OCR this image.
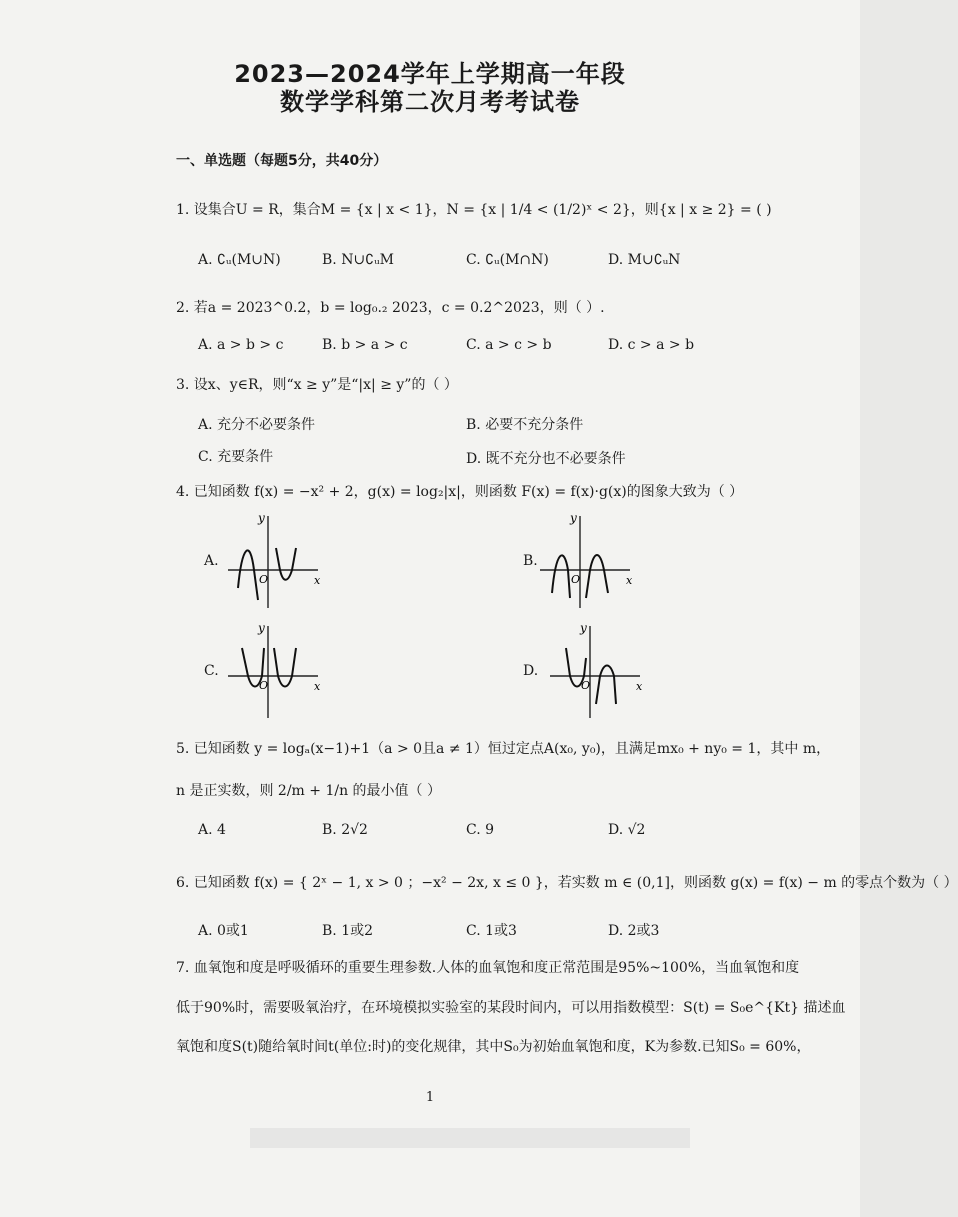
2023—2024学年上学期高一年段
数学学科第二次月考考试卷
一、单选题（每题5分，共40分）
1. 设集合U = R，集合M = {x | x < 1}，N = {x | 1/4 < (1/2)ˣ < 2}，则{x | x ≥ 2} = ( )
A. ∁ᵤ(M∪N)	B. N∪∁ᵤM	C. ∁ᵤ(M∩N)	D. M∪∁ᵤN
2. 若a = 2023^0.2，b = log₀.₂ 2023，c = 0.2^2023，则（ ）.
A. a > b > c	B. b > a > c	C. a > c > b	D. c > a > b
3. 设x、y∈R，则“x ≥ y”是“|x| ≥ y”的（ ）
A. 充分不必要条件	B. 必要不充分条件
C. 充要条件	D. 既不充分也不必要条件
4. 已知函数 f(x) = −x² + 2，g(x) = log₂|x|，则函数 F(x) = f(x)·g(x)的图象大致为（ ）
A.
y
x
O
B.
y
x
O
C.
y
x
O
D.
y
x
O
5. 已知函数 y = logₐ(x−1)+1（a > 0且a ≠ 1）恒过定点A(x₀, y₀)，且满足mx₀ + ny₀ = 1，其中 m，
n 是正实数，则 2/m + 1/n 的最小值（ ）
A. 4	B. 2√2	C. 9	D. √2
6. 已知函数 f(x) = { 2ˣ − 1, x > 0 ；−x² − 2x, x ≤ 0 }，若实数 m ∈ (0,1]，则函数 g(x) = f(x) − m 的零点个数为（ ）
A. 0或1	B. 1或2	C. 1或3	D. 2或3
7. 血氧饱和度是呼吸循环的重要生理参数.人体的血氧饱和度正常范围是95%~100%，当血氧饱和度
低于90%时，需要吸氧治疗，在环境模拟实验室的某段时间内，可以用指数模型：S(t) = S₀e^{Kt} 描述血
氧饱和度S(t)随给氧时间t(单位:时)的变化规律，其中S₀为初始血氧饱和度，K为参数.已知S₀ = 60%，
1
